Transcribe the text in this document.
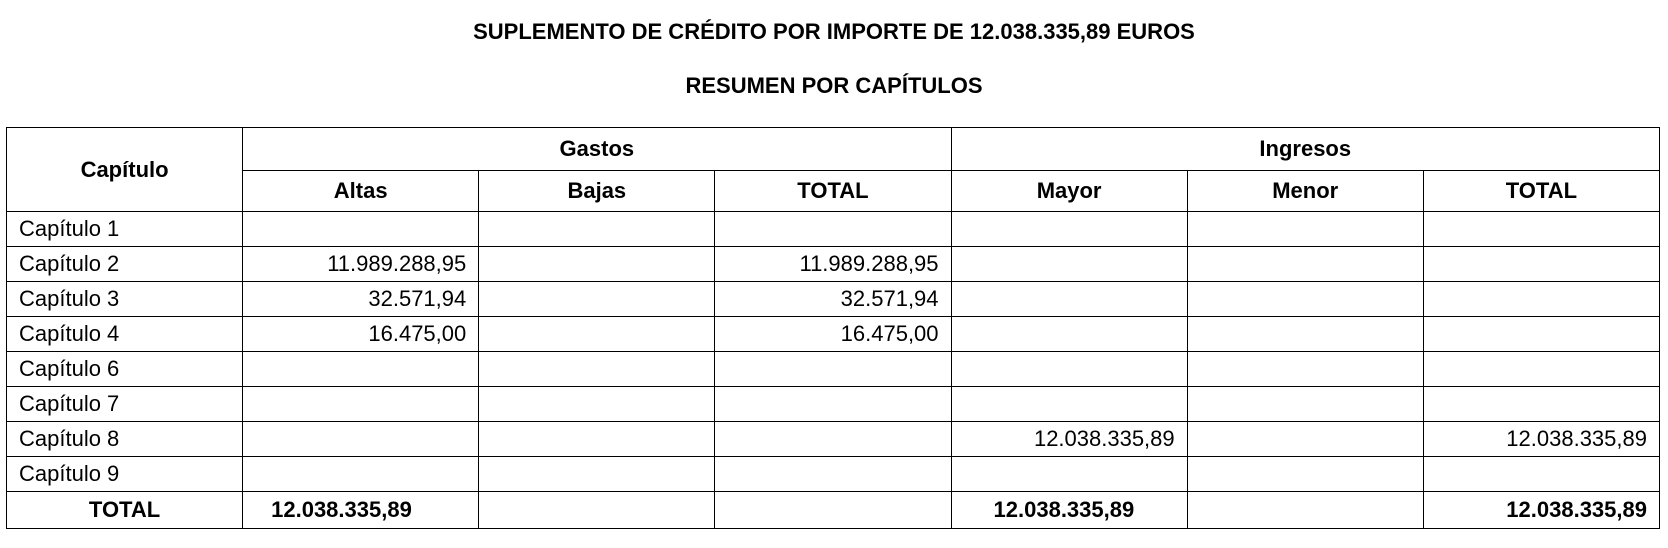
SUPLEMENTO DE CRÉDITO POR IMPORTE DE 12.038.335,89 EUROS
RESUMEN POR CAPÍTULOS
Capítulo	Gastos			Ingresos		
	Altas	Bajas	TOTAL	Mayor	Menor	TOTAL
Capítulo 1						
Capítulo 2	11.989.288,95		11.989.288,95			
Capítulo 3	32.571,94		32.571,94			
Capítulo 4	16.475,00		16.475,00			
Capítulo 6						
Capítulo 7						
Capítulo 8				12.038.335,89		12.038.335,89
Capítulo 9						
TOTAL	12.038.335,89			12.038.335,89		12.038.335,89
